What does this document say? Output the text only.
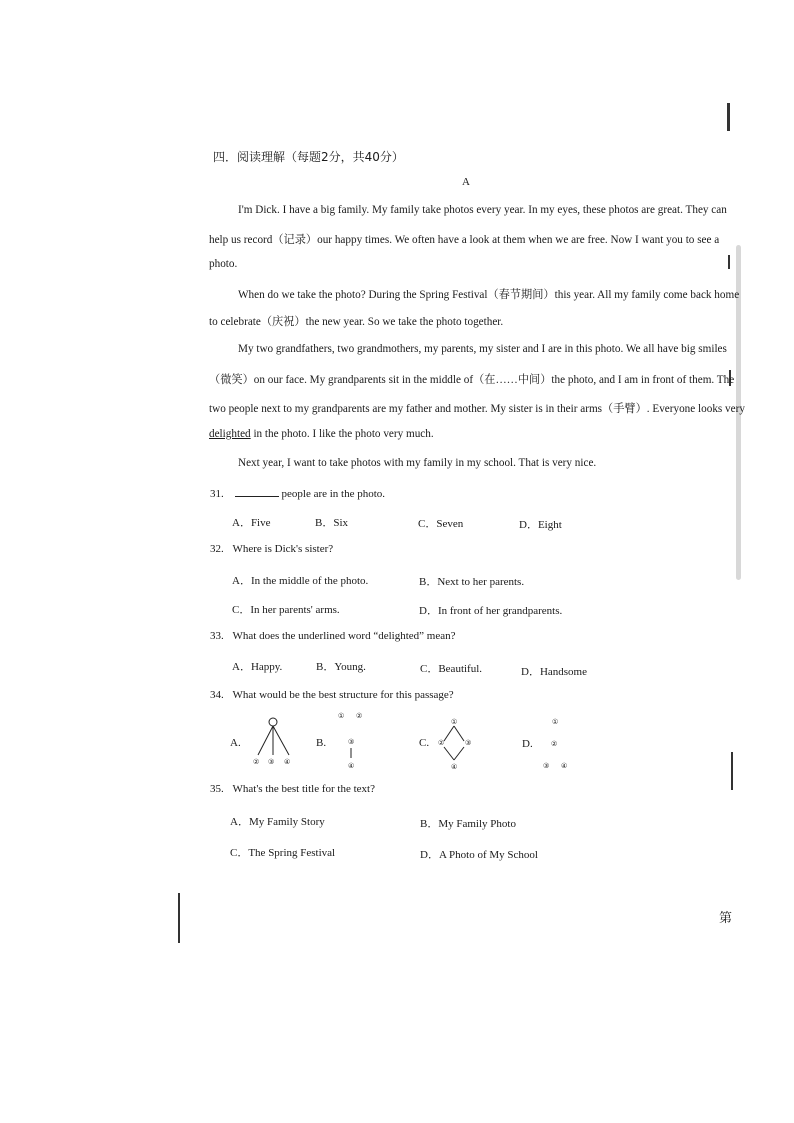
四．阅读理解（每题2分，共40分）
A
I'm Dick. I have a big family. My family take photos every year. In my eyes, these photos are great. They can
help us record（记录）our happy times. We often have a look at them when we are free. Now I want you to see a
photo.
When do we take the photo? During the Spring Festival（春节期间）this year. All my family come back home
to celebrate（庆祝）the new year. So we take the photo together.
My two grandfathers, two grandmothers, my parents, my sister and I are in this photo. We all have big smiles
（微笑）on our face. My grandparents sit in the middle of（在……中间）the photo, and I am in front of them. The
two people next to my grandparents are my father and mother. My sister is in their arms（手臂）. Everyone looks very
delighted in the photo. I like the photo very much.
Next year, I want to take photos with my family in my school. That is very nice.
31.	people are in the photo.
A．Five	B．Six	C．Seven	D．Eight
32. Where is Dick's sister?
A．In the middle of the photo.	B．Next to her parents.
C．In her parents' arms.	D．In front of her grandparents.
33. What does the underlined word “delighted” mean?
A．Happy.	B．Young.	C．Beautiful.	D．Handsome
34. What would be the best structure for this passage?
A.
② ③ ④
B.
① ②
③
④
C.
①
②	③
④
D.
①
②
③ ④
35. What's the best title for the text?
A．My Family Story	B．My Family Photo
C．The Spring Festival	D．A Photo of My School
第
